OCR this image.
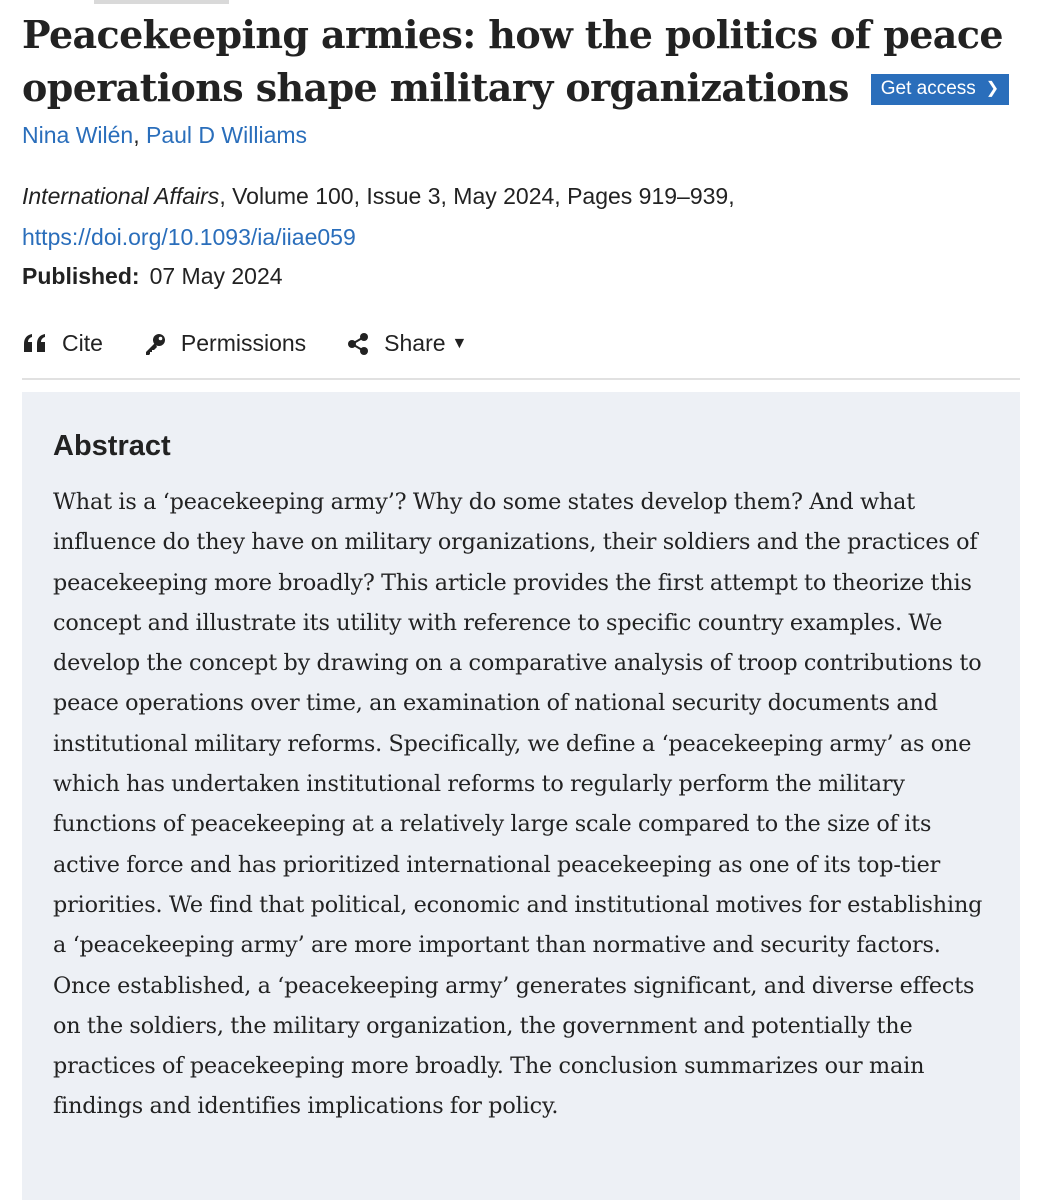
Peacekeeping armies: how the politics of peace operations shape military organizations Get access ❯
Nina Wilén, Paul D Williams
International Affairs, Volume 100, Issue 3, May 2024, Pages 919–939, https://doi.org/10.1093/ia/iiae059
Published: 07 May 2024
Cite	Permissions	Share ▼
Abstract

What is a ‘peacekeeping army’? Why do some states develop them? And what influence do they have on military organizations, their soldiers and the practices of peacekeeping more broadly? This article provides the first attempt to theorize this concept and illustrate its utility with reference to specific country examples. We develop the concept by drawing on a comparative analysis of troop contributions to peace operations over time, an examination of national security documents and institutional military reforms. Specifically, we define a ‘peacekeeping army’ as one which has undertaken institutional reforms to regularly perform the military functions of peacekeeping at a relatively large scale compared to the size of its active force and has prioritized international peacekeeping as one of its top-tier priorities. We find that political, economic and institutional motives for establishing a ‘peacekeeping army’ are more important than normative and security factors. Once established, a ‘peacekeeping army’ generates significant, and diverse effects on the soldiers, the military organization, the government and potentially the practices of peacekeeping more broadly. The conclusion summarizes our main findings and identifies implications for policy.
